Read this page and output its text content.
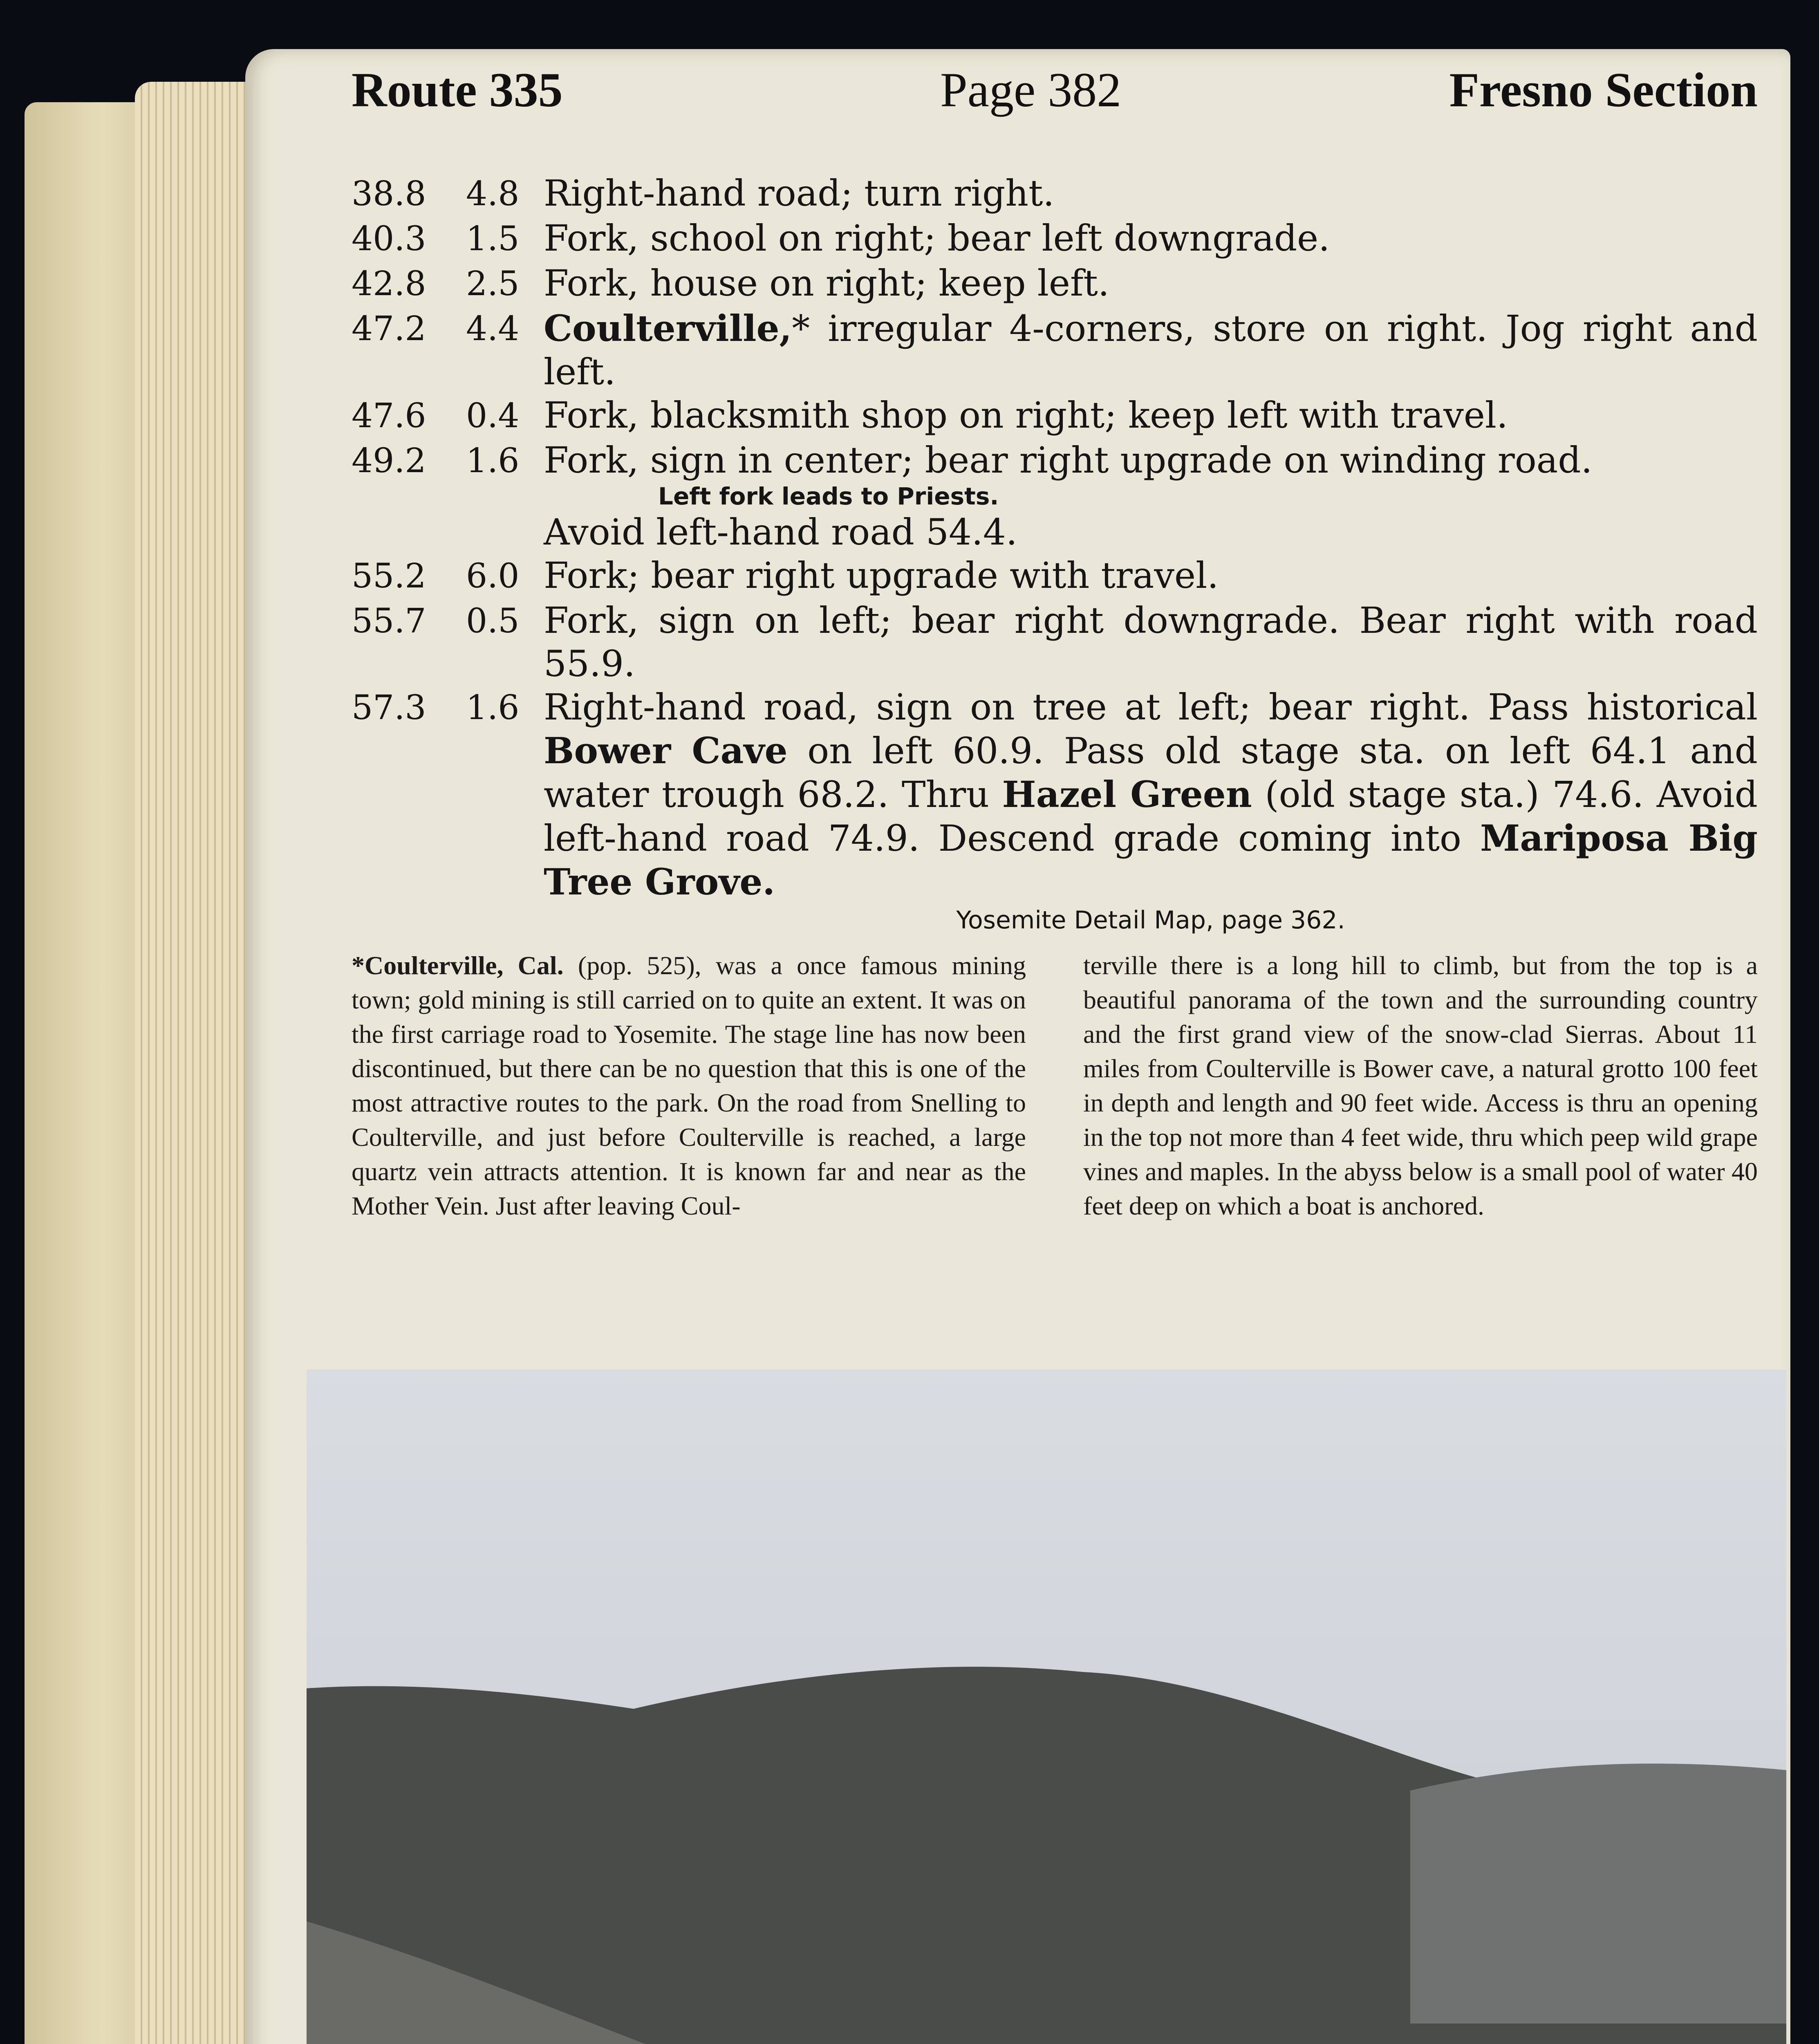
Route 335	Page 382	Fresno Section
38.8	4.8 Right-hand road; turn right.
40.3	1.5 Fork, school on right; bear left downgrade.
42.8	2.5 Fork, house on right; keep left.
47.2	4.4 Coulterville,* irregular 4-corners, store on right. Jog right and left.
47.6	0.4 Fork, blacksmith shop on right; keep left with travel.
49.2	1.6 Fork, sign in center; bear right upgrade on winding road.
Left fork leads to Priests.
Avoid left-hand road 54.4.
55.2	6.0 Fork; bear right upgrade with travel.
55.7	0.5 Fork, sign on left; bear right downgrade. Bear right with road 55.9.
57.3	1.6 Right-hand road, sign on tree at left; bear right. Pass historical Bower Cave on left 60.9. Pass old stage sta. on left 64.1 and water trough 68.2. Thru Hazel Green (old stage sta.) 74.6. Avoid left-hand road 74.9. Descend grade coming into Mariposa Big Tree Grove.
Yosemite Detail Map, page 362.
*Coulterville, Cal. (pop. 525), was a once famous mining town; gold mining is still carried on to quite an extent. It was on the first carriage road to Yosemite. The stage line has now been discontinued, but there can be no question that this is one of the most attractive routes to the park. On the road from Snelling to Coulterville, and just before Coulterville is reached, a large quartz vein attracts attention. It is known far and near as the Mother Vein. Just after leaving Coul-
terville there is a long hill to climb, but from the top is a beautiful panorama of the town and the surrounding country and the first grand view of the snow-clad Sierras. About 11 miles from Coulterville is Bower cave, a natural grotto 100 feet in depth and length and 90 feet wide. Access is thru an opening in the top not more than 4 feet wide, thru which peep wild grape vines and maples. In the abyss below is a small pool of water 40 feet deep on which a boat is anchored.
